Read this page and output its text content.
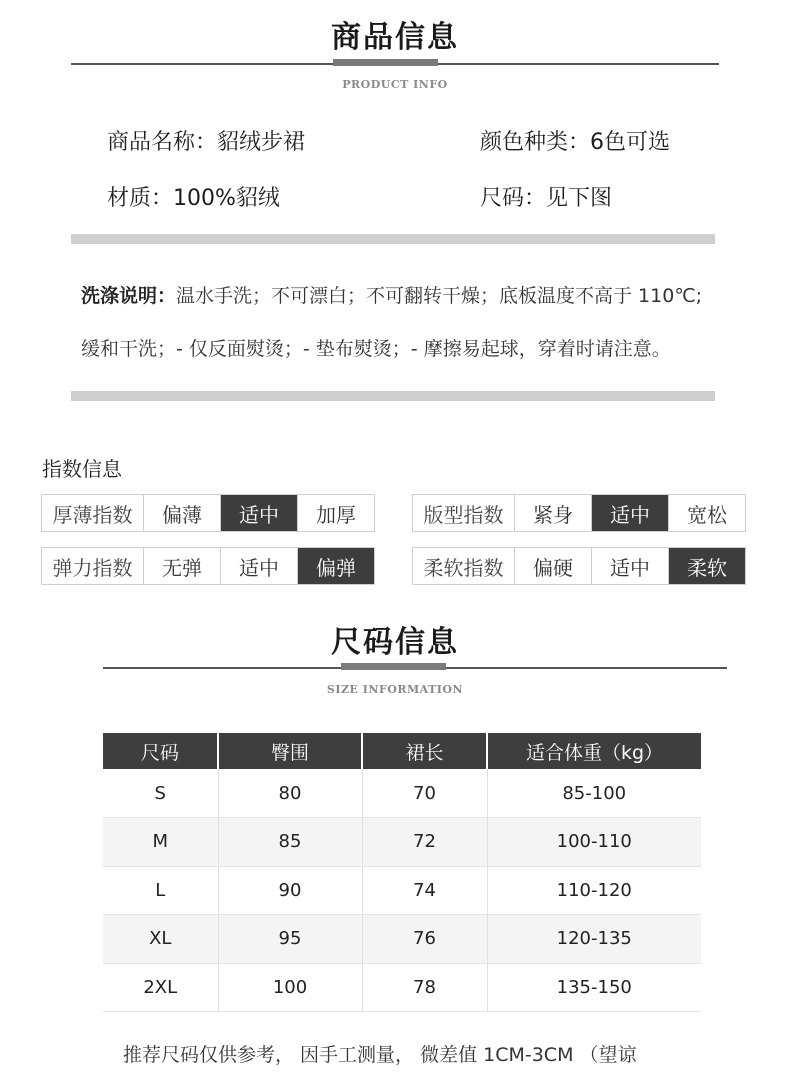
商品信息
PRODUCT INFO
商品名称：貂绒步裙	颜色种类：6色可选
材质：100%貂绒	尺码：见下图
洗涤说明：温水手洗；不可漂白；不可翻转干燥；底板温度不高于 110℃;
缓和干洗；- 仅反面熨烫；- 垫布熨烫；- 摩擦易起球，穿着时请注意。
指数信息
厚薄指数	偏薄	适中	加厚	版型指数	紧身	适中	宽松
弹力指数	无弹	适中	偏弹	柔软指数	偏硬	适中	柔软
尺码信息
SIZE INFORMATION
尺码	臀围	裙长	适合体重（kg）
S	80	70	85-100
M	85	72	100-110
L	90	74	110-120
XL	95	76	120-135
2XL	100	78	135-150
推荐尺码仅供参考， 因手工测量， 微差值 1CM-3CM （望谅
